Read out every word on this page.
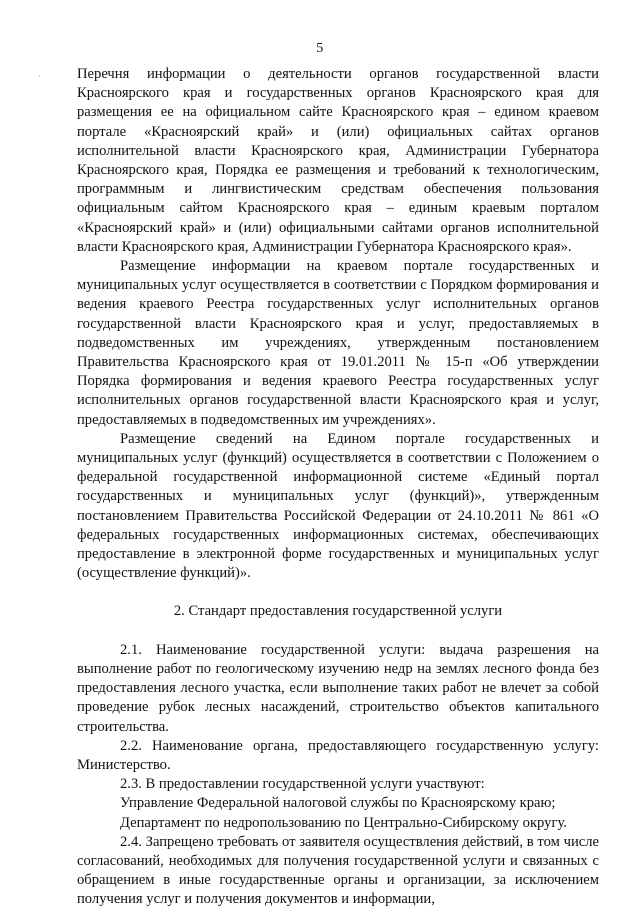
5
· Перечня информации о деятельности органов государственной власти Красноярского края и государственных органов Красноярского края для размещения ее на официальном сайте Красноярского края – едином краевом портале «Красноярский край» и (или) официальных сайтах органов исполнительной власти Красноярского края, Администрации Губернатора Красноярского края, Порядка ее размещения и требований к технологическим, программным и лингвистическим средствам обеспечения пользования официальным сайтом Красноярского края – единым краевым порталом «Красноярский край» и (или) официальными сайтами органов исполнительной власти Красноярского края, Администрации Губернатора Красноярского края».

Размещение информации на краевом портале государственных и муниципальных услуг осуществляется в соответствии с Порядком формирования и ведения краевого Реестра государственных услуг исполнительных органов государственной власти Красноярского края и услуг, предоставляемых в подведомственных им учреждениях, утвержденным постановлением Правительства Красноярского края от 19.01.2011 № 15-п «Об утверждении Порядка формирования и ведения краевого Реестра государственных услуг исполнительных органов государственной власти Красноярского края и услуг, предоставляемых в подведомственных им учреждениях».

Размещение сведений на Едином портале государственных и муниципальных услуг (функций) осуществляется в соответствии с Положением о федеральной государственной информационной системе «Единый портал государственных и муниципальных услуг (функций)», утвержденным постановлением Правительства Российской Федерации от 24.10.2011 № 861 «О федеральных государственных информационных системах, обеспечивающих предоставление в электронной форме государственных и муниципальных услуг (осуществление функций)».

2. Стандарт предоставления государственной услуги

2.1. Наименование государственной услуги: выдача разрешения на выполнение работ по геологическому изучению недр на землях лесного фонда без предоставления лесного участка, если выполнение таких работ не влечет за собой проведение рубок лесных насаждений, строительство объектов капитального строительства.

2.2. Наименование органа, предоставляющего государственную услугу: Министерство.

2.3. В предоставлении государственной услуги участвуют:

Управление Федеральной налоговой службы по Красноярскому краю;

Департамент по недропользованию по Центрально-Сибирскому округу.

2.4. Запрещено требовать от заявителя осуществления действий, в том числе согласований, необходимых для получения государственной услуги и связанных с обращением в иные государственные органы и организации, за исключением получения услуг и получения документов и информации,
